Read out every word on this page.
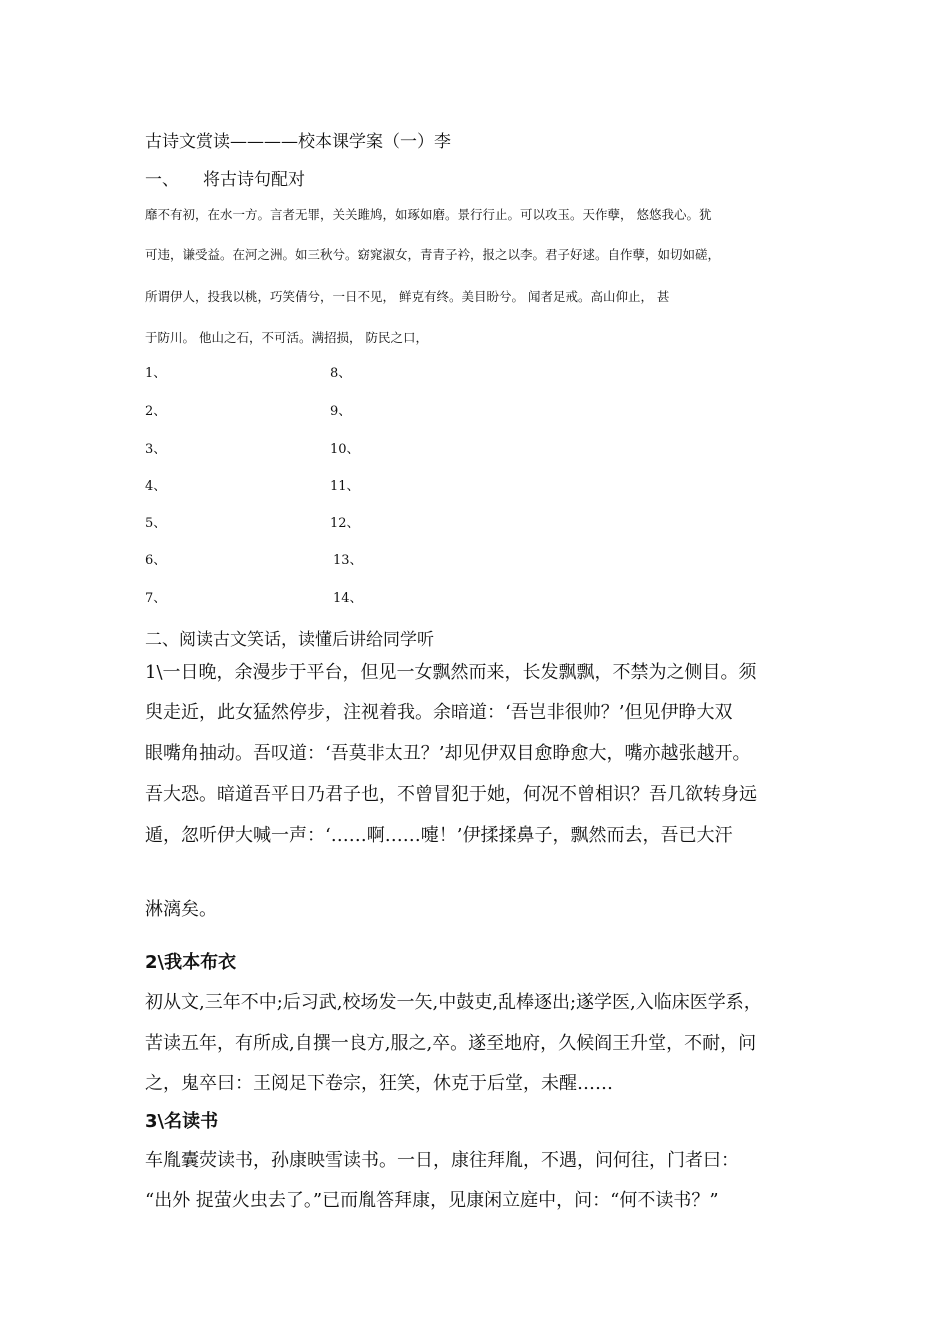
古诗文赏读————校本课学案（一）李
一、 将古诗句配对
靡不有初，在水一方。言者无罪，关关雎鸠，如琢如磨。景行行止。可以攻玉。天作孽， 悠悠我心。犹
可违，谦受益。在河之洲。如三秋兮。窈窕淑女，青青子衿，报之以李。君子好逑。自作孽，如切如磋，
所谓伊人，投我以桃，巧笑倩兮，一日不见， 鲜克有终。美目盼兮。 闻者足戒。高山仰止， 甚
于防川。 他山之石，不可活。满招损， 防民之口，
1、	8、
2、	9、
3、	10、
4、	11、
5、	12、
6、	13、
7、	14、
二、阅读古文笑话，读懂后讲给同学听
1\一日晚，余漫步于平台，但见一女飘然而来，长发飘飘，不禁为之侧目。须
臾走近，此女猛然停步，注视着我。余暗道：‘吾岂非很帅？’但见伊睁大双
眼嘴角抽动。吾叹道：‘吾莫非太丑？’却见伊双目愈睁愈大，嘴亦越张越开。
吾大恐。暗道吾平日乃君子也，不曾冒犯于她，何况不曾相识？吾几欲转身远
遁，忽听伊大喊一声：‘……啊……嚏！’伊揉揉鼻子，飘然而去，吾已大汗
淋漓矣。
2\我本布衣
初从文,三年不中;后习武,校场发一矢,中鼓吏,乱棒逐出;遂学医,入临床医学系，
苦读五年，有所成,自撰一良方,服之,卒。遂至地府，久候阎王升堂，不耐，问
之，鬼卒曰：王阅足下卷宗，狂笑，休克于后堂，未醒……
3\名读书
车胤囊荧读书，孙康映雪读书。一日，康往拜胤，不遇，问何往，门者曰：
“出外 捉萤火虫去了。”已而胤答拜康，见康闲立庭中，问：“何不读书？”
